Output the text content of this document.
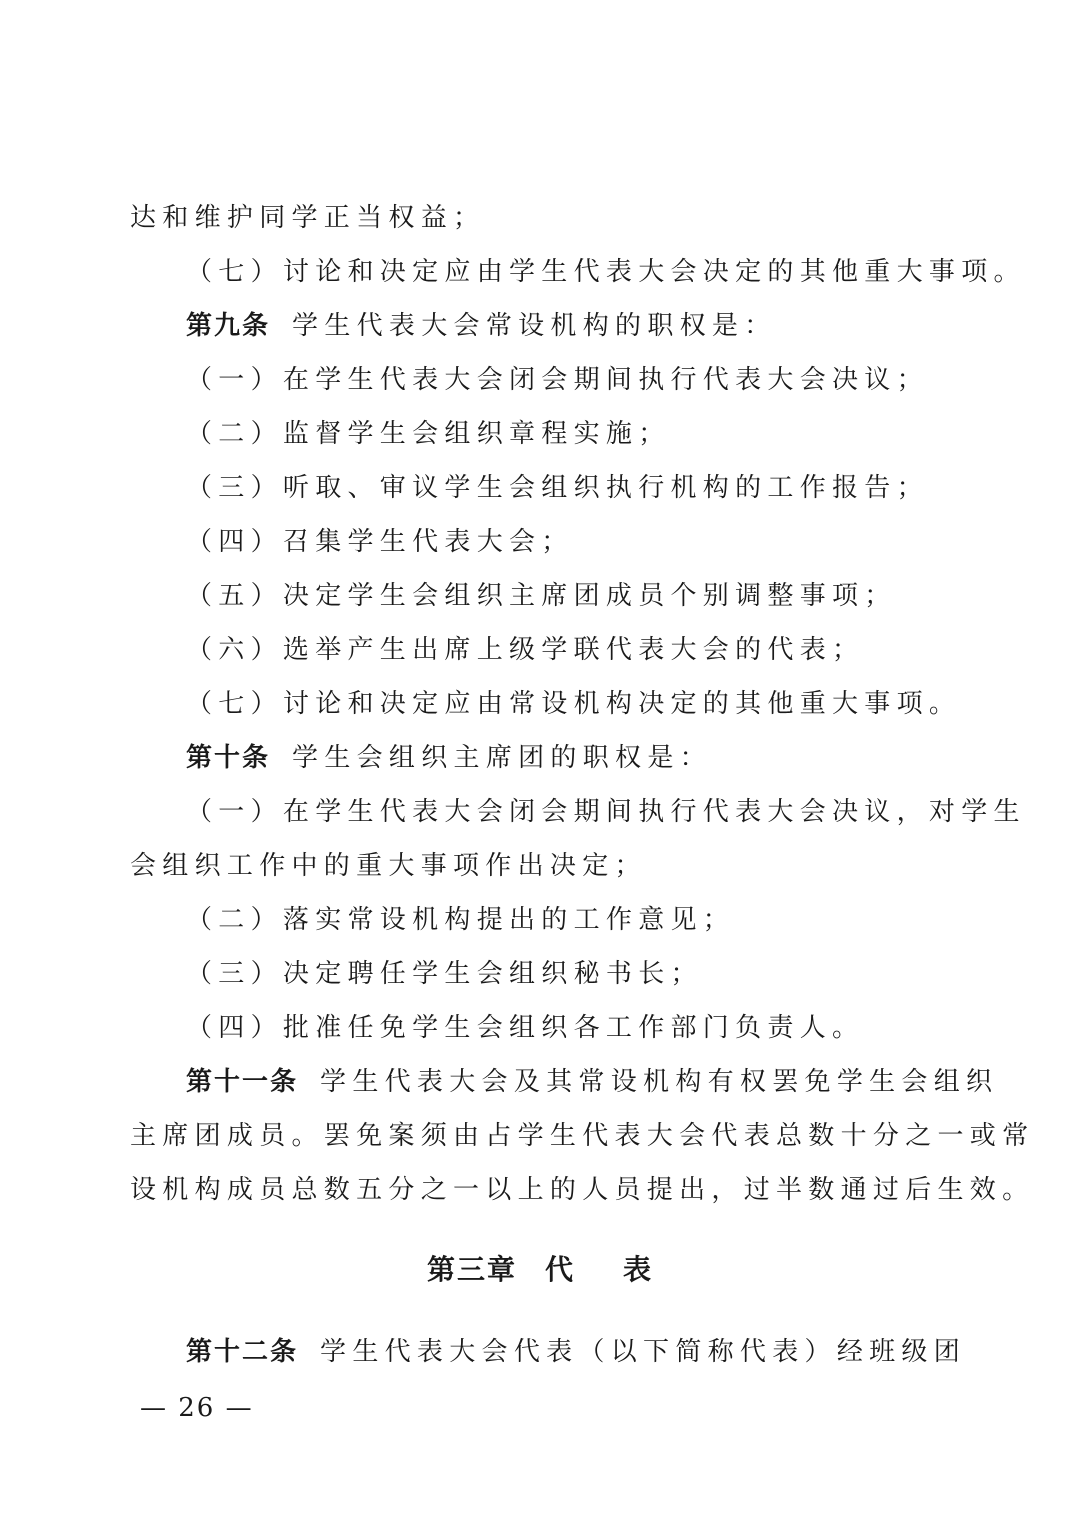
达和维护同学正当权益；
（七）讨论和决定应由学生代表大会决定的其他重大事项。
第九条 学生代表大会常设机构的职权是：
（一）在学生代表大会闭会期间执行代表大会决议；
（二）监督学生会组织章程实施；
（三）听取、审议学生会组织执行机构的工作报告；
（四）召集学生代表大会；
（五）决定学生会组织主席团成员个别调整事项；
（六）选举产生出席上级学联代表大会的代表；
（七）讨论和决定应由常设机构决定的其他重大事项。
第十条 学生会组织主席团的职权是：
（一）在学生代表大会闭会期间执行代表大会决议，对学生
会组织工作中的重大事项作出决定；
（二）落实常设机构提出的工作意见；
（三）决定聘任学生会组织秘书长；
（四）批准任免学生会组织各工作部门负责人。
第十一条 学生代表大会及其常设机构有权罢免学生会组织
主席团成员。罢免案须由占学生代表大会代表总数十分之一或常
设机构成员总数五分之一以上的人员提出，过半数通过后生效。
第三章 代 表
第十二条 学生代表大会代表（以下简称代表）经班级团
— 26 —
